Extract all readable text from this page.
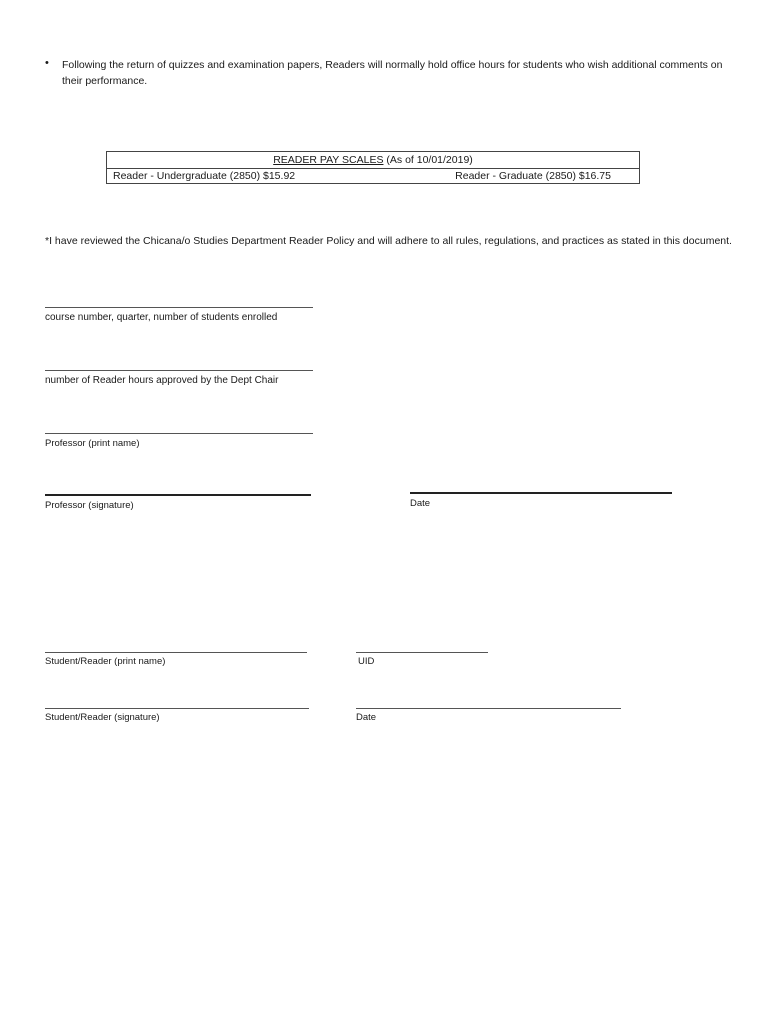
• Following the return of quizzes and examination papers, Readers will normally hold office hours for students who wish additional comments on their performance.
READER PAY SCALES (As of 10/01/2019)
Reader - Undergraduate (2850) $15.92	Reader - Graduate (2850) $16.75
*I have reviewed the Chicana/o Studies Department Reader Policy and will adhere to all rules, regulations, and practices as stated in this document.
course number, quarter, number of students enrolled
number of Reader hours approved by the Dept Chair
Professor (print name)
Professor (signature)	Date
Student/Reader (print name)	UID
Student/Reader (signature)	Date
